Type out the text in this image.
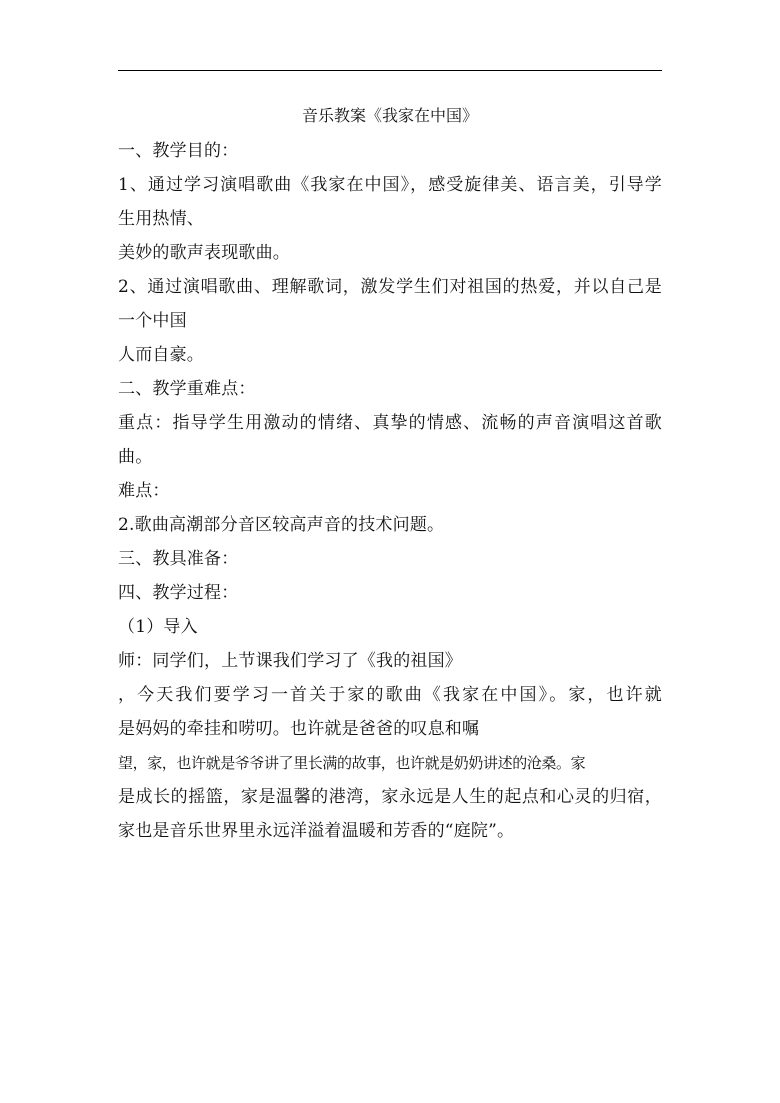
音乐教案《我家在中国》

一、教学目的：

1、通过学习演唱歌曲《我家在中国》，感受旋律美、语言美，引导学

生用热情、

美妙的歌声表现歌曲。

2、通过演唱歌曲、理解歌词，激发学生们对祖国的热爱，并以自己是

一个中国

人而自豪。

二、教学重难点：

重点：指导学生用激动的情绪、真挚的情感、流畅的声音演唱这首歌

曲。

难点：

2.歌曲高潮部分音区较高声音的技术问题。

三、教具准备：

四、教学过程：

（1）导入

师：同学们，上节课我们学习了《我的祖国》

，今天我们要学习一首关于家的歌曲《我家在中国》。家，也许就

是妈妈的牵挂和唠叨。也许就是爸爸的叹息和嘱

望，家，也许就是爷爷讲了里长满的故事，也许就是奶奶讲述的沧桑。家

是成长的摇篮，家是温馨的港湾，家永远是人生的起点和心灵的归宿，

家也是音乐世界里永远洋溢着温暖和芳香的“庭院”。
